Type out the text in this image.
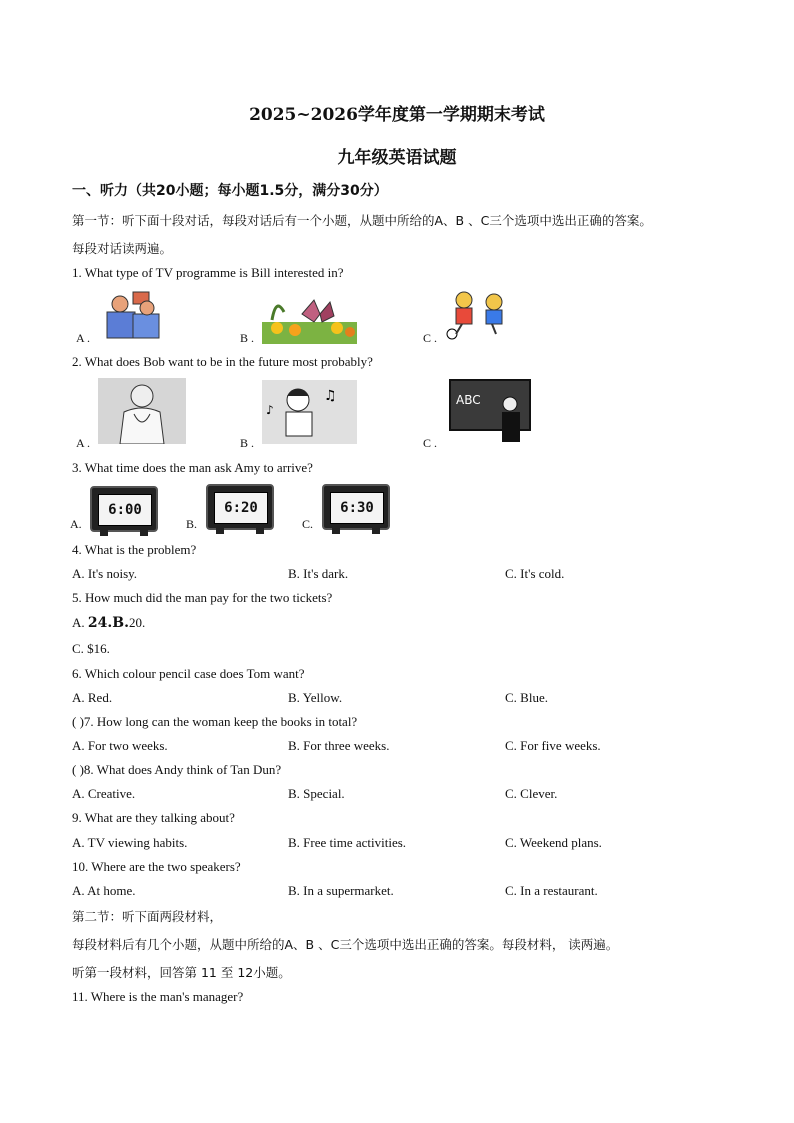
2025~2026学年度第一学期期末考试
九年级英语试题
一、听力（共20小题；每小题1.5分，满分30分）
第一节：听下面十段对话，每段对话后有一个小题，从题中所给的A、B 、C三个选项中选出正确的答案。
每段对话读两遍。
1. What type of TV programme is Bill interested in?
A .	B .	C .
2. What does Bob want to be in the future most probably?
A .	B .
♫
♪
C .
ABC
3. What time does the man ask Amy to arrive?
A.
6:00
B.
6:20
C.
6:30
4. What is the problem?
A. It's noisy.	B. It's dark.	C. It's cold.
5. How much did the man pay for the two tickets?
A. 24.B.20.
C. $16.
6. Which colour pencil case does Tom want?
A. Red.	B. Yellow.	C. Blue.
( )7. How long can the woman keep the books in total?
A. For two weeks.	B. For three weeks.	C. For five weeks.
( )8. What does Andy think of Tan Dun?
A. Creative.	B. Special.	C. Clever.
9. What are they talking about?
A. TV viewing habits.	B. Free time activities.	C. Weekend plans.
10. Where are the two speakers?
A. At home.	B. In a supermarket.	C. In a restaurant.
第二节：听下面两段材料，
每段材料后有几个小题，从题中所给的A、B 、C三个选项中选出正确的答案。每段材料， 读两遍。
听第一段材料，回答第 11 至 12小题。
11. Where is the man's manager?
